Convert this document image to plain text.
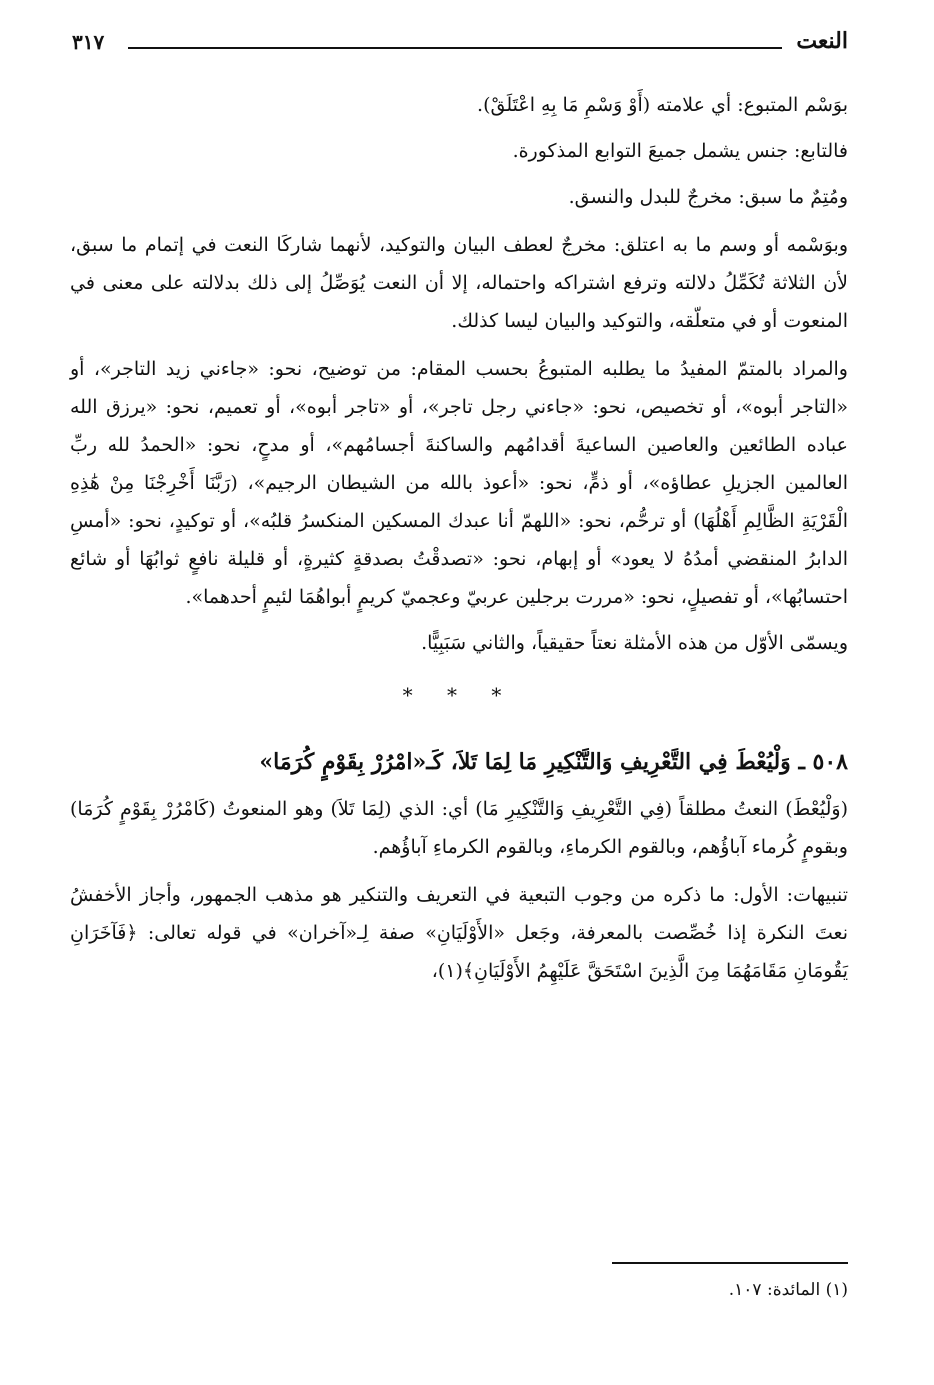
النعت
٣١٧

بوَسْم المتبوع: أي علامته (أَوْ وَسْمِ مَا بِهِ اعْتَلَقْ).

فالتابع: جنس يشمل جميعَ التوابع المذكورة.

ومُتِمٌ ما سبق: مخرجٌ للبدل والنسق.

وبوَسْمه أو وسم ما به اعتلق: مخرجٌ لعطف البيان والتوكيد، لأنهما شاركَا النعت في إتمام ما سبق، لأن الثلاثة تُكَمِّلُ دلالته وترفع اشتراكه واحتماله، إلا أن النعت يُوَصِّلُ إلى ذلك بدلالته على معنى في المنعوت أو في متعلّقه، والتوكيد والبيان ليسا كذلك.

والمراد بالمتمّ المفيدُ ما يطلبه المتبوعُ بحسب المقام: من توضيح، نحو: «جاءني زيد التاجر»، أو «التاجر أبوه»، أو تخصيص، نحو: «جاءني رجل تاجر»، أو «تاجر أبوه»، أو تعميم، نحو: «يرزق الله عباده الطائعين والعاصين الساعيةَ أقدامُهم والساكنةَ أجسامُهم»، أو مدحٍ، نحو: «الحمدُ لله ربِّ العالمين الجزيلِ عطاؤه»، أو ذمٍّ، نحو: «أعوذ بالله من الشيطان الرجيم»، (رَبَّنَا أَخْرِجْنَا مِنْ هَٰذِهِ الْقَرْيَةِ الظَّالِمِ أَهْلُهَا) أو ترحُّم، نحو: «اللهمّ أنا عبدك المسكين المنكسرُ قلبُه»، أو توكيدٍ، نحو: «أمسِ الدابرُ المنقضي أمدُهُ لا يعود» أو إبهام، نحو: «تصدقْتُ بصدقةٍ كثيرةٍ، أو قليلة نافعٍ ثوابُهَا أو شائع احتسابُها»، أو تفصيلٍ، نحو: «مررت برجلين عربيّ وعجميّ كريمٍ أبواهُمَا لئيمٍ أحدهما».

ويسمّى الأوّل من هذه الأمثلة نعتاً حقيقياً، والثاني سَبَبِيًّا.

* * *

٥٠٨ ـ وَلْيُعْطَ فِي التَّعْرِيفِ وَالتَّنْكِيرِ مَا لِمَا تَلاَ، كَـ«امْرُرْ بِقَوْمٍ كُرَمَا»

(وَلْيُعْطَ) النعتُ مطلقاً (فِي التَّعْرِيفِ وَالتَّنْكِيرِ مَا) أي: الذي (لِمَا تَلاَ) وهو المنعوتُ (كَامْرُرْ بِقَوْمٍ كُرَمَا) وبقومٍ كُرماء آباؤُهم، وبالقوم الكرماءِ، وبالقوم الكرماءِ آباؤُهم.

تنبيهات: الأول: ما ذكره من وجوب التبعية في التعريف والتنكير هو مذهب الجمهور، وأجاز الأخفشُ نعتَ النكرة إذا خُصِّصت بالمعرفة، وجَعل «الأَوْلَيَانِ» صفة لِـ«آخران» في قوله تعالى: ﴿فَآخَرَانِ يَقُومَانِ مَقَامَهُمَا مِنَ الَّذِينَ اسْتَحَقَّ عَلَيْهِمُ الأَوْلَيَانِ﴾(١)،

(١) المائدة: ١٠٧.
